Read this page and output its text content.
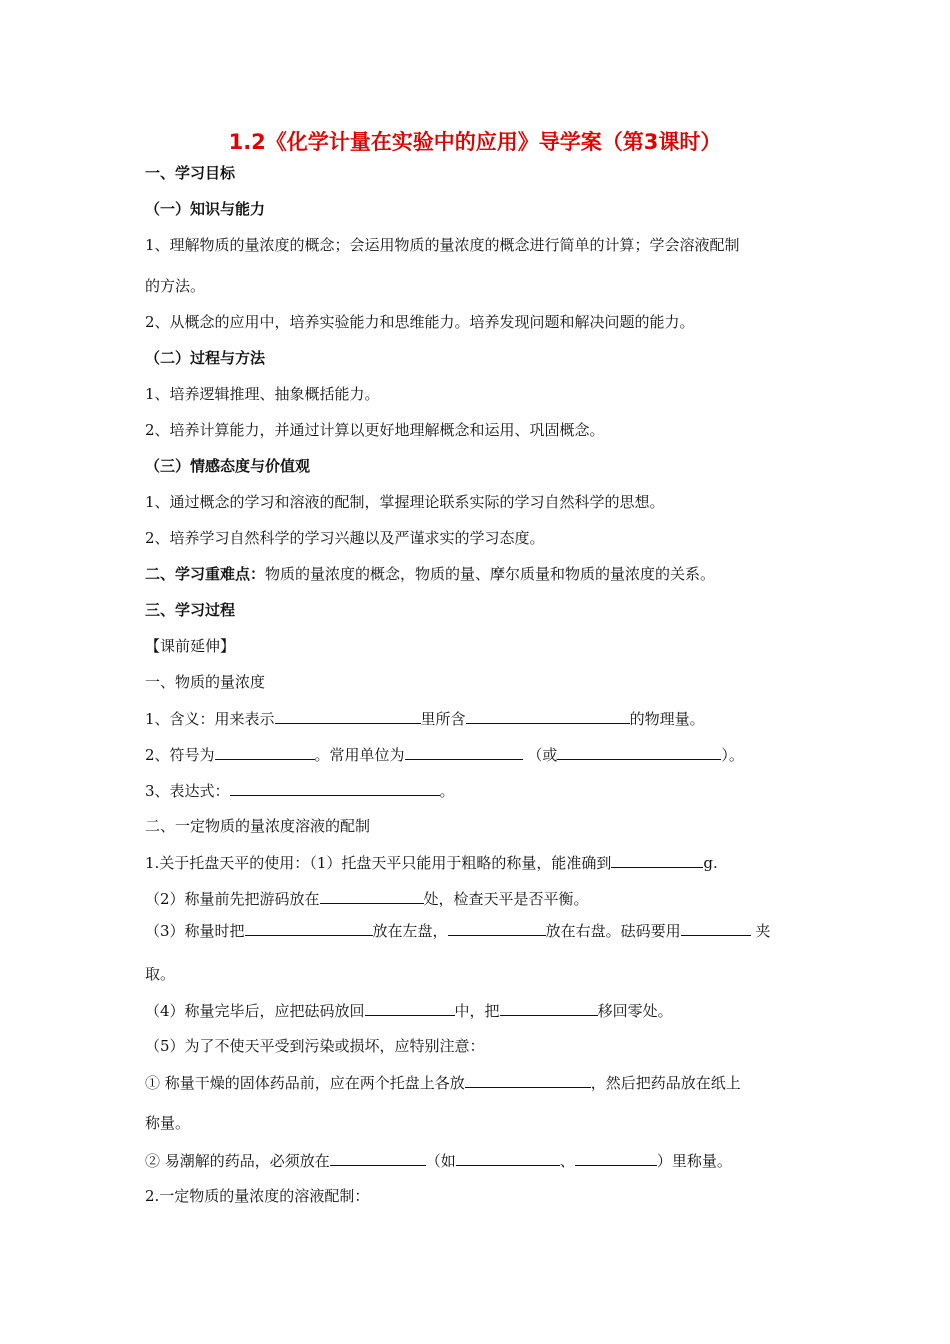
1.2《化学计量在实验中的应用》导学案（第3课时）
一、学习目标
（一）知识与能力
1、理解物质的量浓度的概念；会运用物质的量浓度的概念进行简单的计算；学会溶液配制
的方法。
2、从概念的应用中，培养实验能力和思维能力。培养发现问题和解决问题的能力。
（二）过程与方法
1、培养逻辑推理、抽象概括能力。
2、培养计算能力，并通过计算以更好地理解概念和运用、巩固概念。
（三）情感态度与价值观
1、通过概念的学习和溶液的配制，掌握理论联系实际的学习自然科学的思想。
2、培养学习自然科学的学习兴趣以及严谨求实的学习态度。
二、学习重难点：物质的量浓度的概念，物质的量、摩尔质量和物质的量浓度的关系。
三、学习过程
【课前延伸】
一、物质的量浓度
1、含义：用来表示	里所含	的物理量。
2、符号为	。常用单位为	（或	）。
3、表达式：	。
二、一定物质的量浓度溶液的配制
1.关于托盘天平的使用：（1）托盘天平只能用于粗略的称量，能准确到	g.
（2）称量前先把游码放在	处，检查天平是否平衡。
（3）称量时把	放在左盘，	放在右盘。砝码要用	夹
取。
（4）称量完毕后，应把砝码放回	中，把	移回零处。
（5）为了不使天平受到污染或损坏，应特别注意：
① 称量干燥的固体药品前，应在两个托盘上各放	，然后把药品放在纸上
称量。
② 易潮解的药品，必须放在	（如	、	）里称量。
2.一定物质的量浓度的溶液配制：
